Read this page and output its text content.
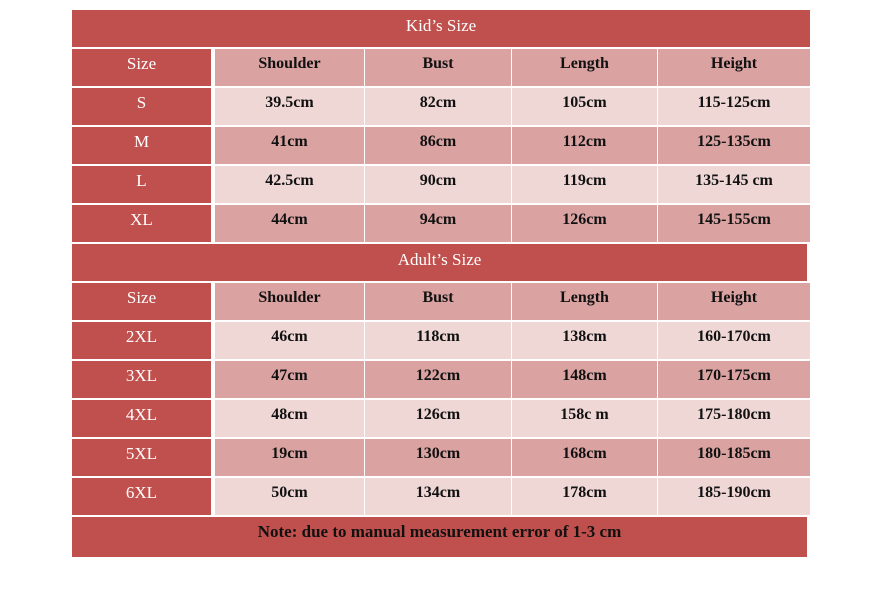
Kid’s Size
Size	Shoulder	Bust	Length	Height
S	39.5cm	82cm	105cm	115-125cm
M	41cm	86cm	112cm	125-135cm
L	42.5cm	90cm	119cm	135-145 cm
XL	44cm	94cm	126cm	145-155cm
Adult’s Size
Size	Shoulder	Bust	Length	Height
2XL	46cm	118cm	138cm	160-170cm
3XL	47cm	122cm	148cm	170-175cm
4XL	48cm	126cm	158c m	175-180cm
5XL	19cm	130cm	168cm	180-185cm
6XL	50cm	134cm	178cm	185-190cm
Note: due to manual measurement error of 1-3 cm
